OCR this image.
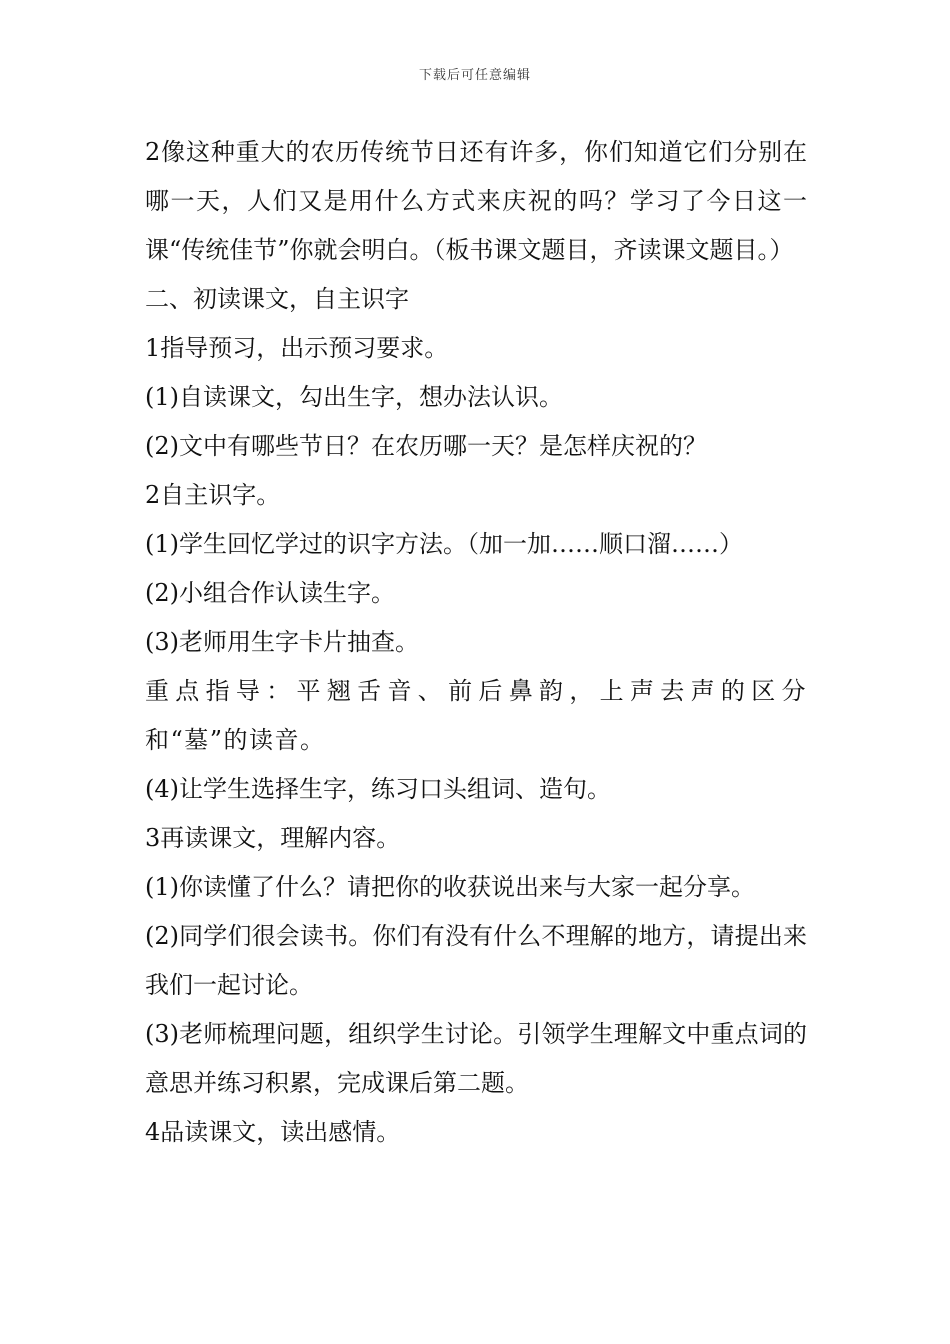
下载后可任意编辑

2像这种重大的农历传统节日还有许多，你们知道它们分别在哪一天，人们又是用什么方式来庆祝的吗？学习了今日这一课“传统佳节”你就会明白。（板书课文题目，齐读课文题目。）

二、初读课文，自主识字

1指导预习，出示预习要求。

(1)自读课文，勾出生字，想办法认识。

(2)文中有哪些节日？在农历哪一天？是怎样庆祝的？

2自主识字。

(1)学生回忆学过的识字方法。（加一加……顺口溜……）

(2)小组合作认读生字。

(3)老师用生字卡片抽查。

重点指导：平翘舌音、前后鼻韵，上声去声的区分和“墓”的读音。

(4)让学生选择生字，练习口头组词、造句。

3再读课文，理解内容。

(1)你读懂了什么？请把你的收获说出来与大家一起分享。

(2)同学们很会读书。你们有没有什么不理解的地方，请提出来我们一起讨论。

(3)老师梳理问题，组织学生讨论。引领学生理解文中重点词的意思并练习积累，完成课后第二题。

4品读课文，读出感情。
